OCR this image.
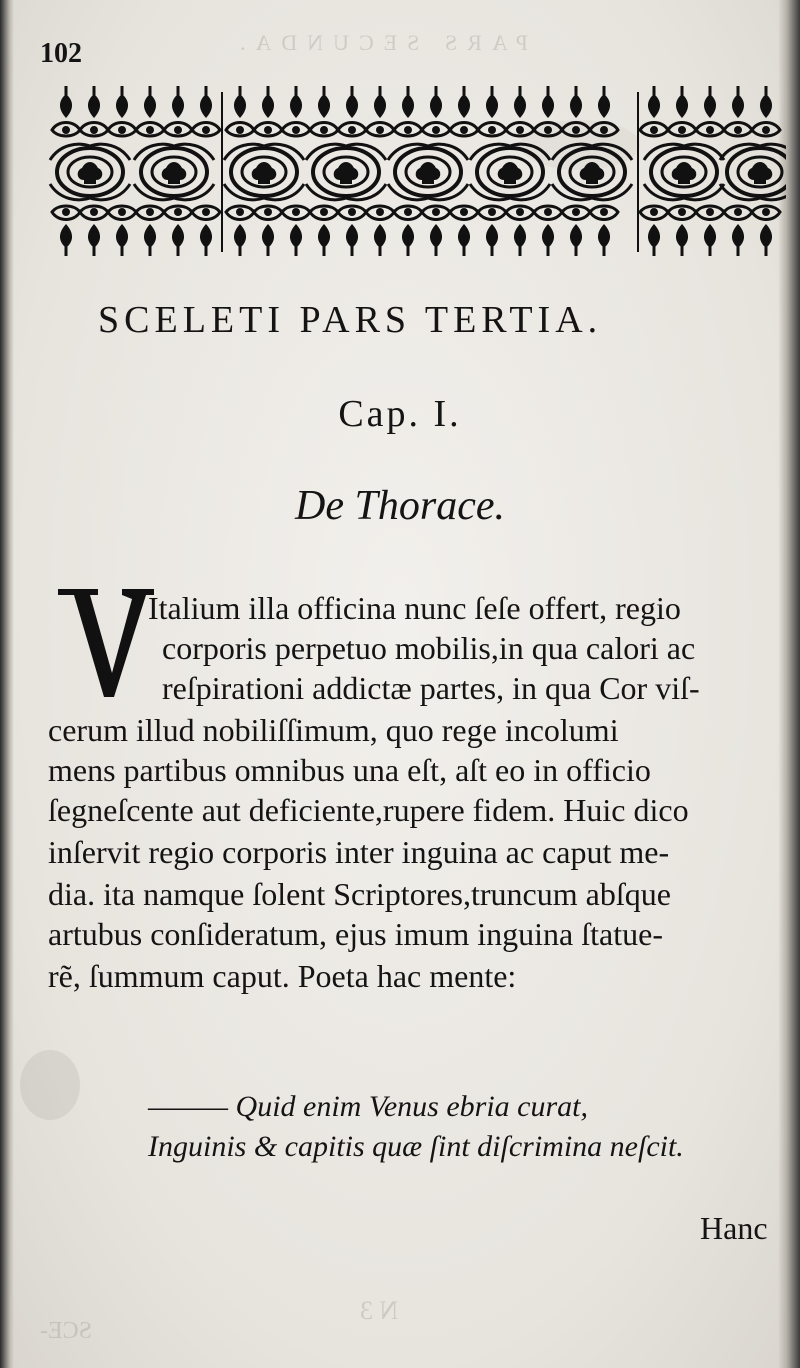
PARS SECUNDA.
N 3
SCE-
102
SCELETI PARS TERTIA.
Cap. I.
De Thorace.
Italium illa officina nunc ſeſe offert, regio
corporis perpetuo mobilis,in qua calori ac
reſpirationi addictæ partes, in qua Cor viſ-
cerum illud nobiliſſimum, quo rege incolumi
mens partibus omnibus una eſt, aſt eo in officio
ſegneſcente aut deficiente,rupere fidem. Huic dico
inſervit regio corporis inter inguina ac caput me-
dia. ita namque ſolent Scriptores,truncum abſque
artubus conſideratum, ejus imum inguina ſtatue-
rẽ, ſummum caput. Poeta hac mente:
——— Quid enim Venus ebria curat,
Inguinis & capitis quæ ſint diſcrimina neſcit.
Hanc
